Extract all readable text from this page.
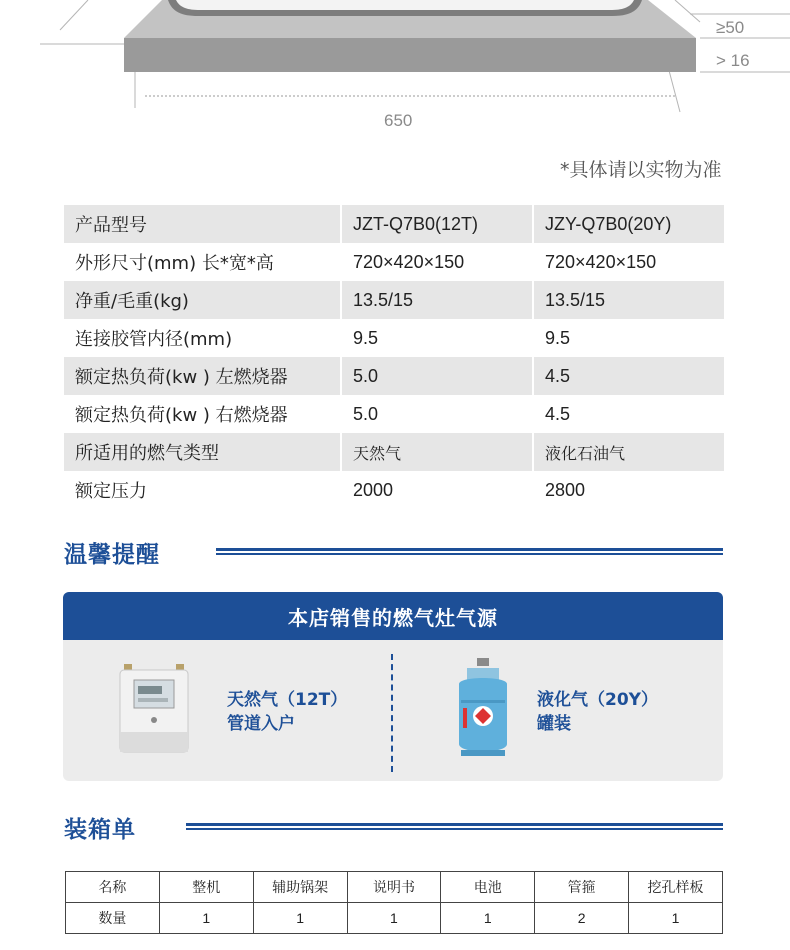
≥50
> 16
650
*具体请以实物为准
产品型号	JZT-Q7B0(12T)	JZY-Q7B0(20Y)
外形尺寸(mm) 长*宽*高	720×420×150	720×420×150
净重/毛重(kg)	13.5/15	13.5/15
连接胶管内径(mm)	9.5	9.5
额定热负荷(kw ) 左燃烧器	5.0	4.5
额定热负荷(kw ) 右燃烧器	5.0	4.5
所适用的燃气类型	天然气	液化石油气
额定压力	2000	2800
温馨提醒
本店销售的燃气灶气源
天然气（12T）
管道入户
液化气（20Y）
罐装
装箱单
名称	整机	辅助锅架	说明书	电池	管箍	挖孔样板
数量	1	1	1	1	2	1
